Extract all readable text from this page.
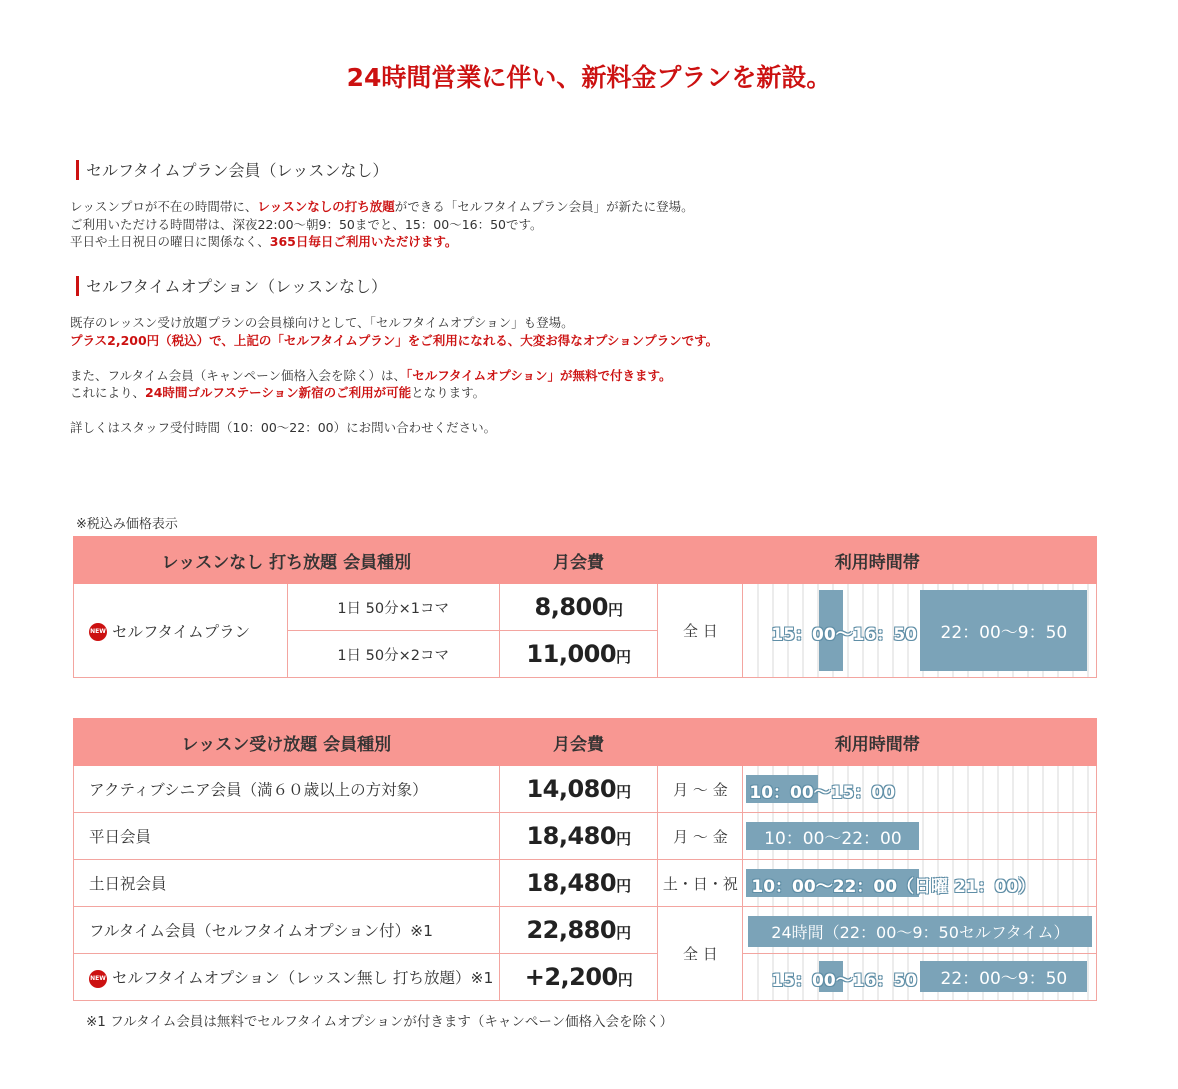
24時間営業に伴い、新料金プランを新設。
セルフタイムプラン会員（レッスンなし）
レッスンプロが不在の時間帯に、レッスンなしの打ち放題ができる「セルフタイムプラン会員」が新たに登場。
ご利用いただける時間帯は、深夜22:00〜朝9：50までと、15：00〜16：50です。
平日や土日祝日の曜日に関係なく、365日毎日ご利用いただけます。
セルフタイムオプション（レッスンなし）
既存のレッスン受け放題プランの会員様向けとして、「セルフタイムオプション」も登場。
プラス2,200円（税込）で、上記の「セルフタイムプラン」をご利用になれる、大変お得なオプションプランです。
また、フルタイム会員（キャンペーン価格入会を除く）は、「セルフタイムオプション」が無料で付きます。
これにより、24時間ゴルフステーション新宿のご利用が可能となります。
詳しくはスタッフ受付時間（10：00〜22：00）にお問い合わせください。
※税込み価格表示
レッスンなし 打ち放題 会員種別		月会費	利用時間帯	
NEW セルフタイムプラン	1日 50分×1コマ	8,800円	全 日	15：00〜16：50 22：00〜9：50

	1日 50分×2コマ	11,000円		
レッスン受け放題 会員種別	月会費	利用時間帯	
アクティブシニア会員（満６０歳以上の方対象）	14,080円	月 〜 金	10：00〜15：00

平日会員	18,480円	月 〜 金	10：00〜22：00

土日祝会員	18,480円	土・日・祝	10：00〜22：00（日曜 21：00）

フルタイム会員（セルフタイムオプション付）※1	22,880円	全 日	24時間（22：00〜9：50セルフタイム）

NEW セルフタイムオプション（レッスン無し 打ち放題）※1	+2,200円		15：00〜16：50 22：00〜9：50
※1 フルタイム会員は無料でセルフタイムオプションが付きます（キャンペーン価格入会を除く）
